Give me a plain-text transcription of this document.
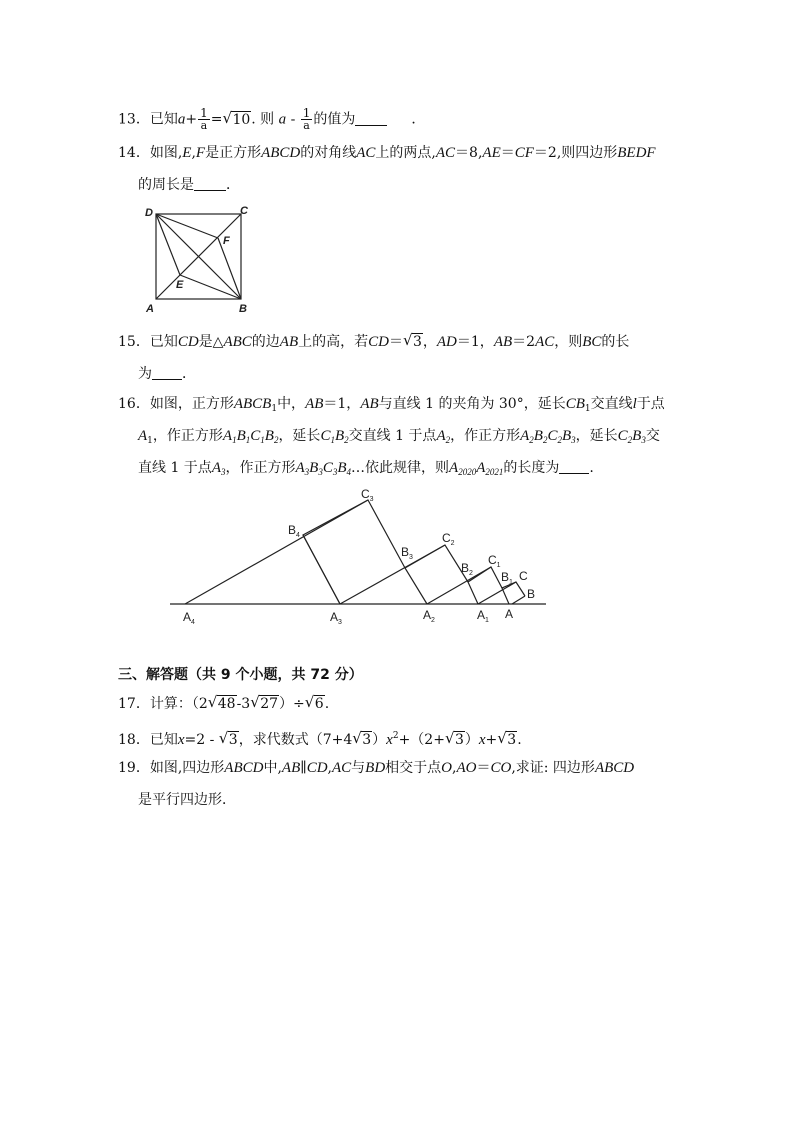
13．已知$a+ \frac{1}{a}$ =√ 10. 则 a - $\frac{1}{a}$ 的值为	．
14．如图,E,F是正方形ABCD的对角线AC上的两点,AC＝8,AE＝CF＝2,则四边形BEDF
的周长是 ．
D	C
F
E
A	B
15．已知CD是△ABC的边AB上的高，若CD＝√ 3，AD＝1，AB＝2AC，则BC的长
为 ．
16．如图，正方形$ABCB_1$中，AB＝1，AB与直线 1 的夹角为 30°，延长$CB_1$交直线l于点
$A_1$，作正方形$A_1B_1C_1B_2$，延长$C_1B_2$交直线 1 于点$A_2$，作正方形$A_2B_2C_2B_3$，延长$C_2B_3$交
直线 1 于点$A_3$，作正方形$A_3B_3C_3B_4\dots$依此规律，则$A_{2020}A_{2021}$的长度为 .
$A_4$	$A_3$
$A_2$	$A_1$ A
$B_4$
$B_3$
$B_2$ $B_1$
B
$C_3$
$C_2$
$C_1$
C
三、解答题（共 9 个小题，共 72 分）
17．计算：（2√ 48-3√ 27）÷√ 6.
18．已知x=2 - √ 3，求代数式（7+4√ $3)x^2+(2+√$ 3）x+√ 3.
19．如图,四边形ABCD中,AB∥CD,AC与BD相交于点O,AO＝CO,求证: 四边形ABCD
是平行四边形．
